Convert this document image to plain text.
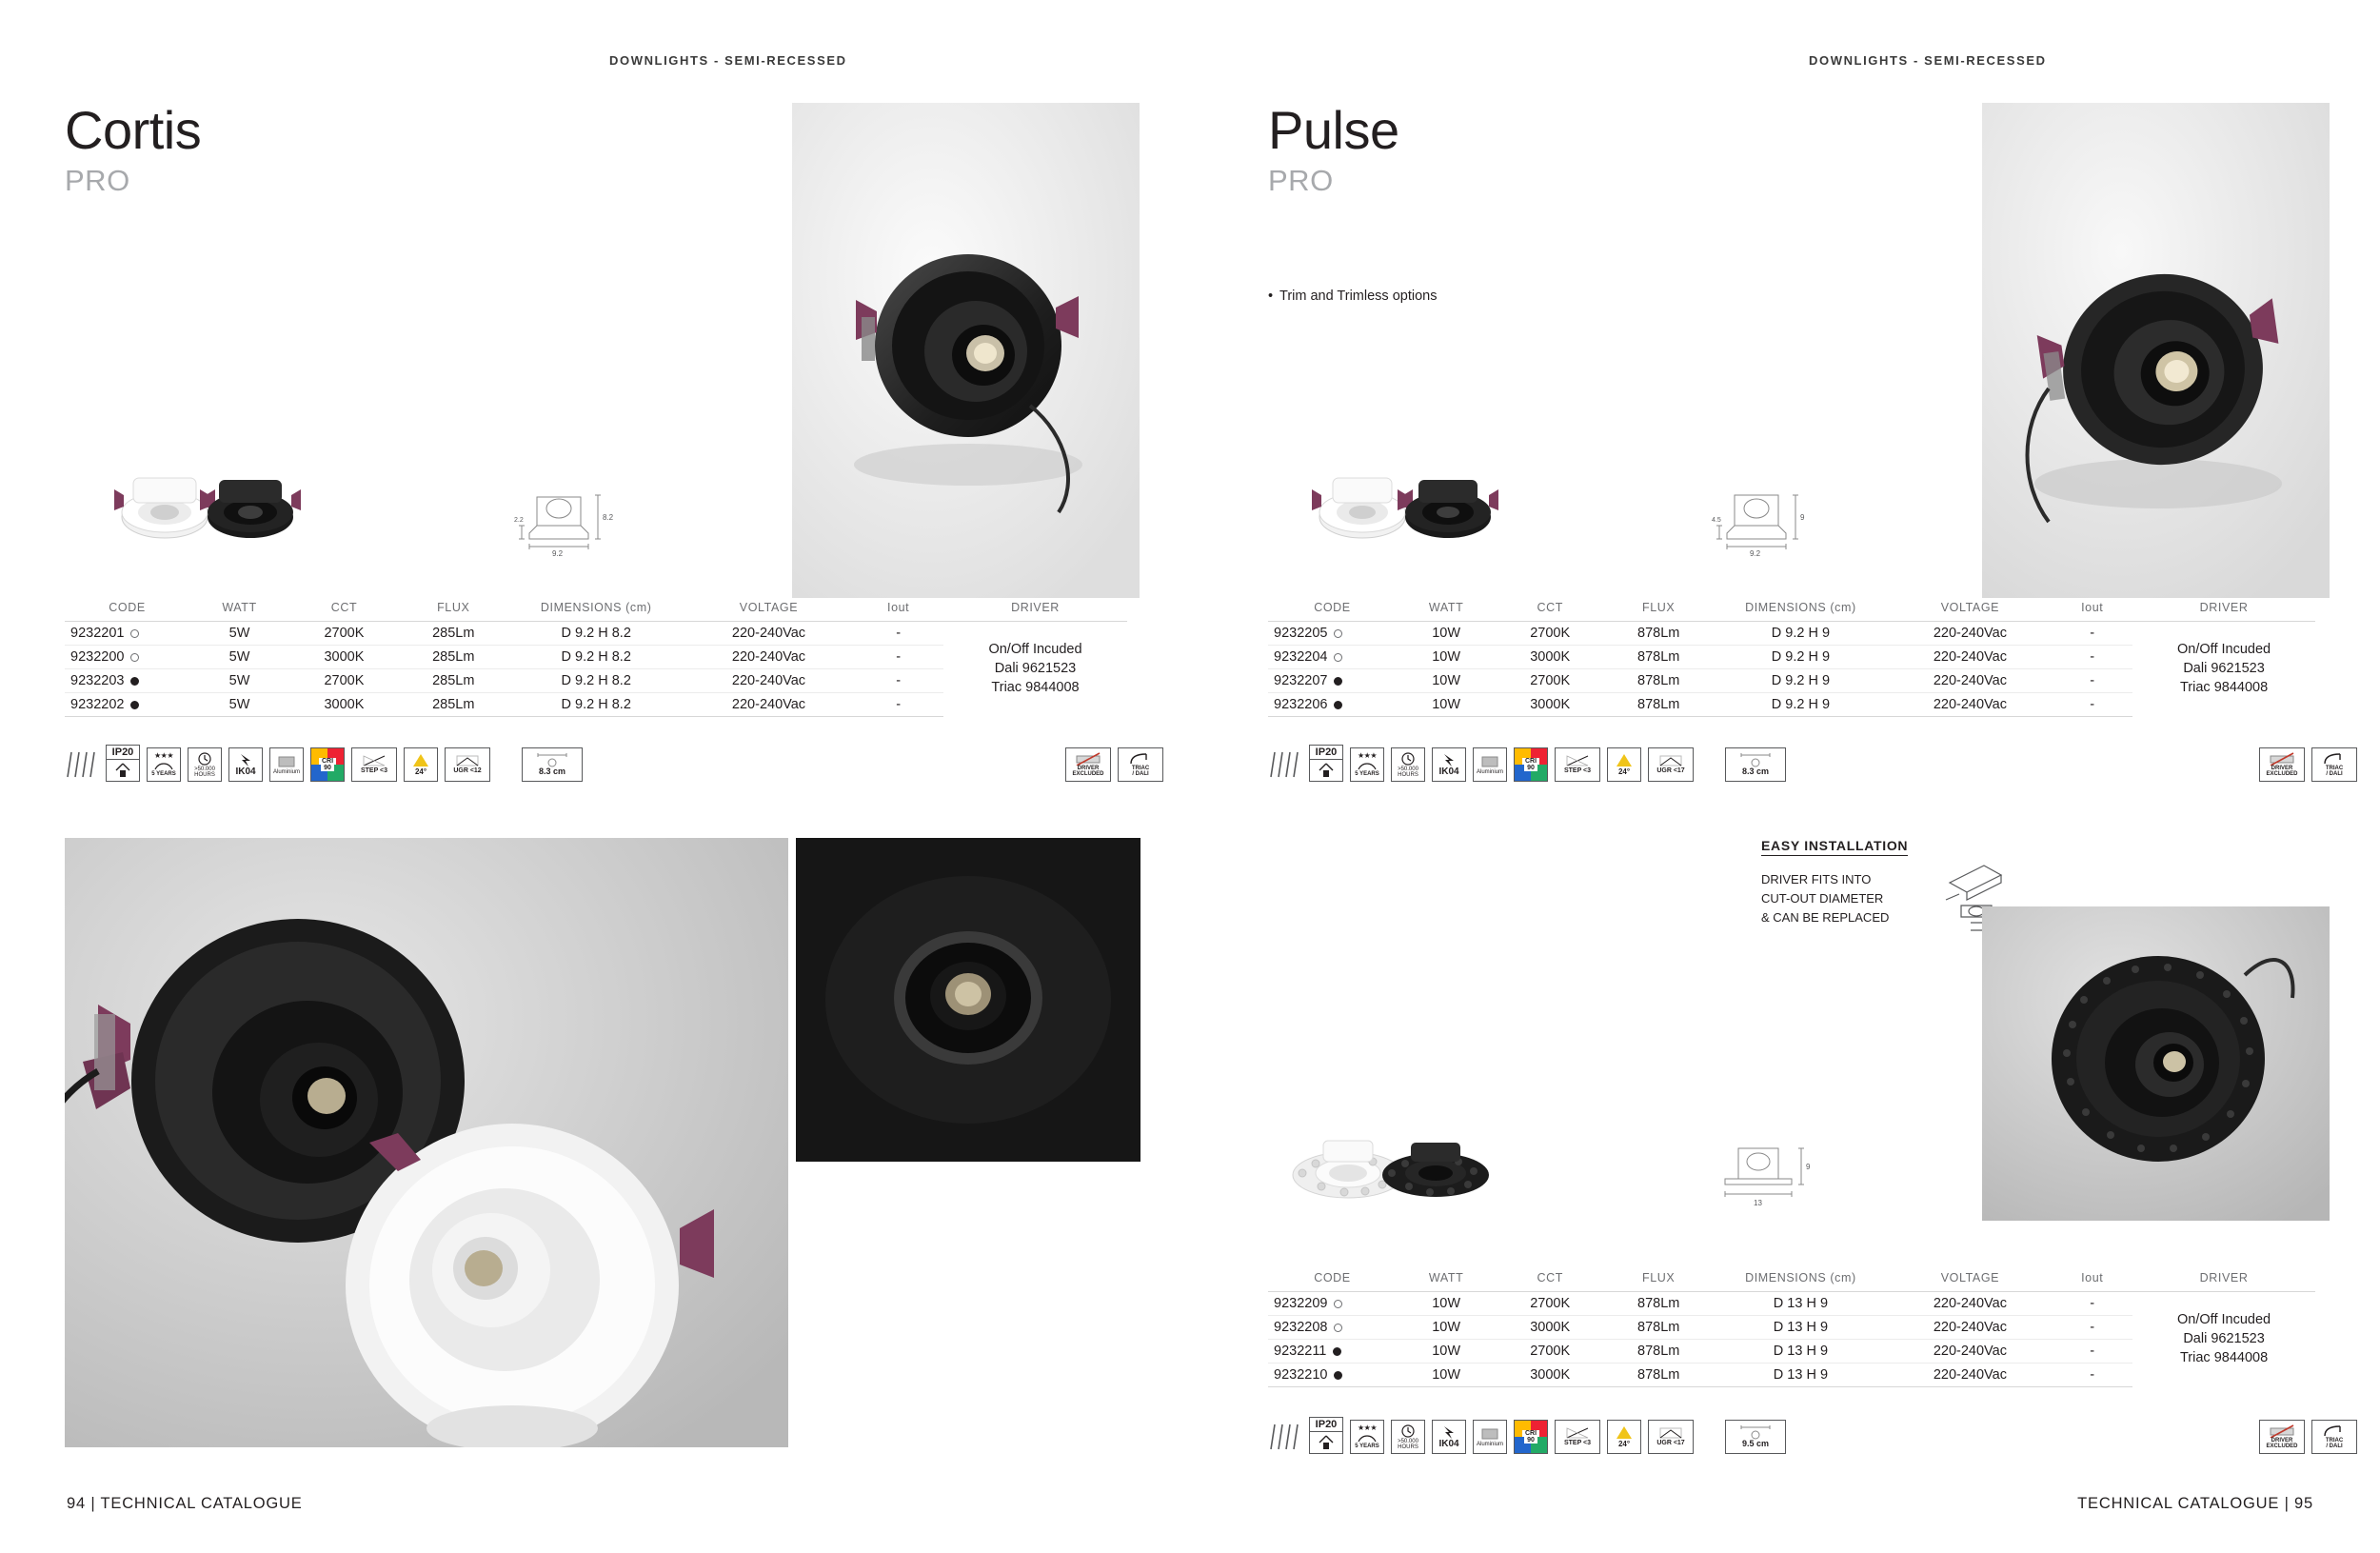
DOWNLIGHTS - SEMI-RECESSED
Cortis
PRO
8.2
9.2
2.2
CODE	WATT	CCT	FLUX	DIMENSIONS (cm)	VOLTAGE	Iout	DRIVER
9232201	5W	2700K	285Lm	D 9.2 H 8.2	220-240Vac	-	On/Off Incuded
Dali 9621523
Triac 9844008

9232200	5W	3000K	285Lm	D 9.2 H 8.2	220-240Vac	-	
9232203	5W	2700K	285Lm	D 9.2 H 8.2	220-240Vac	-	
9232202	5W	3000K	285Lm	D 9.2 H 8.2	220-240Vac	-	
IP20	★★★
5 YEARS
>50.000
HOURS IK04	Aluminium
CRI
90	STEP <3	24°	UGR <12	8.3 cm	DRIVER
EXCLUDED
TRIAC
/ DALI
94 | TECHNICAL CATALOGUE
DOWNLIGHTS - SEMI-RECESSED
Pulse
PRO
• Trim and Trimless options
9
9.2
4.5
CODE	WATT	CCT	FLUX	DIMENSIONS (cm)	VOLTAGE	Iout	DRIVER
9232205	10W	2700K	878Lm	D 9.2 H 9	220-240Vac	-	On/Off Incuded
Dali 9621523
Triac 9844008

9232204	10W	3000K	878Lm	D 9.2 H 9	220-240Vac	-	
9232207	10W	2700K	878Lm	D 9.2 H 9	220-240Vac	-	
9232206	10W	3000K	878Lm	D 9.2 H 9	220-240Vac	-	
IP20	★★★
5 YEARS
>50.000
HOURS IK04	Aluminium
CRI
90	STEP <3	24°	UGR <17	8.3 cm	DRIVER
EXCLUDED
TRIAC
/ DALI
EASY INSTALLATION
DRIVER FITS INTO
CUT-OUT DIAMETER
& CAN BE REPLACED
9
13
CODE	WATT	CCT	FLUX	DIMENSIONS (cm)	VOLTAGE	Iout	DRIVER
9232209	10W	2700K	878Lm	D 13 H 9	220-240Vac	-	On/Off Incuded
Dali 9621523
Triac 9844008

9232208	10W	3000K	878Lm	D 13 H 9	220-240Vac	-	
9232211	10W	2700K	878Lm	D 13 H 9	220-240Vac	-	
9232210	10W	3000K	878Lm	D 13 H 9	220-240Vac	-	
IP20	★★★
5 YEARS
>50.000
HOURS IK04	Aluminium
CRI
90	STEP <3	24°	UGR <17	9.5 cm	DRIVER
EXCLUDED
TRIAC
/ DALI
TECHNICAL CATALOGUE | 95
